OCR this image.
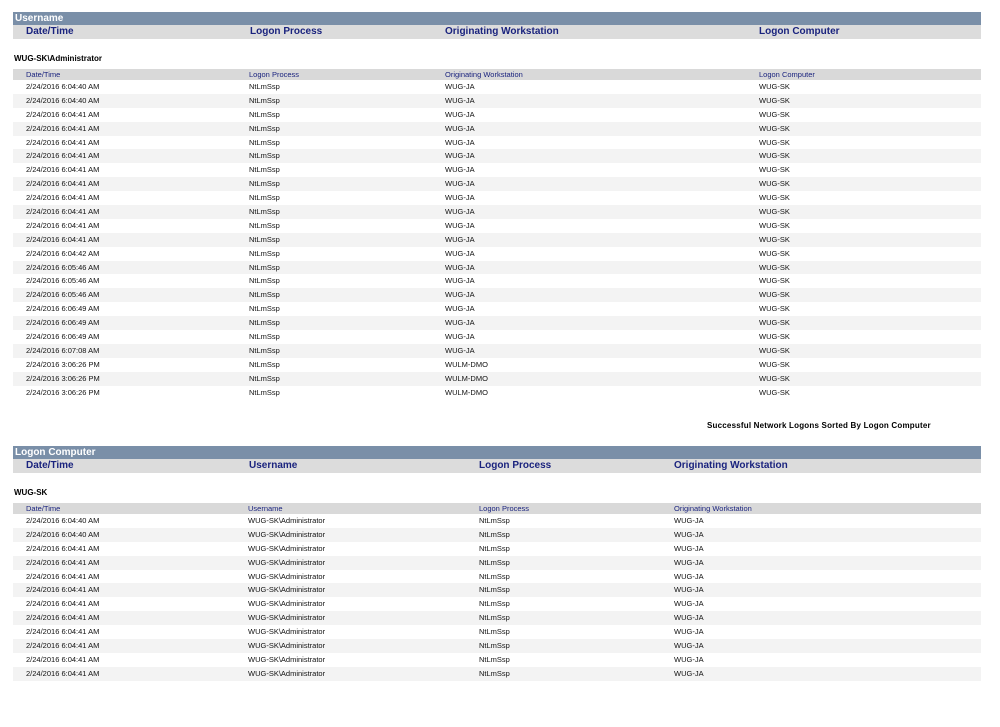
Username
Date/Time	Logon Process	Originating Workstation	Logon Computer
WUG-SK\Administrator
Date/Time	Logon Process	Originating Workstation	Logon Computer
2/24/2016 6:04:40 AM	NtLmSsp	WUG-JA	WUG-SK
2/24/2016 6:04:40 AM	NtLmSsp	WUG-JA	WUG-SK
2/24/2016 6:04:41 AM	NtLmSsp	WUG-JA	WUG-SK
2/24/2016 6:04:41 AM	NtLmSsp	WUG-JA	WUG-SK
2/24/2016 6:04:41 AM	NtLmSsp	WUG-JA	WUG-SK
2/24/2016 6:04:41 AM	NtLmSsp	WUG-JA	WUG-SK
2/24/2016 6:04:41 AM	NtLmSsp	WUG-JA	WUG-SK
2/24/2016 6:04:41 AM	NtLmSsp	WUG-JA	WUG-SK
2/24/2016 6:04:41 AM	NtLmSsp	WUG-JA	WUG-SK
2/24/2016 6:04:41 AM	NtLmSsp	WUG-JA	WUG-SK
2/24/2016 6:04:41 AM	NtLmSsp	WUG-JA	WUG-SK
2/24/2016 6:04:41 AM	NtLmSsp	WUG-JA	WUG-SK
2/24/2016 6:04:42 AM	NtLmSsp	WUG-JA	WUG-SK
2/24/2016 6:05:46 AM	NtLmSsp	WUG-JA	WUG-SK
2/24/2016 6:05:46 AM	NtLmSsp	WUG-JA	WUG-SK
2/24/2016 6:05:46 AM	NtLmSsp	WUG-JA	WUG-SK
2/24/2016 6:06:49 AM	NtLmSsp	WUG-JA	WUG-SK
2/24/2016 6:06:49 AM	NtLmSsp	WUG-JA	WUG-SK
2/24/2016 6:06:49 AM	NtLmSsp	WUG-JA	WUG-SK
2/24/2016 6:07:08 AM	NtLmSsp	WUG-JA	WUG-SK
2/24/2016 3:06:26 PM	NtLmSsp	WULM-DMO	WUG-SK
2/24/2016 3:06:26 PM	NtLmSsp	WULM-DMO	WUG-SK
2/24/2016 3:06:26 PM	NtLmSsp	WULM-DMO	WUG-SK
Successful Network Logons Sorted By Logon Computer
Logon Computer
Date/Time	Username	Logon Process	Originating Workstation
WUG-SK
Date/Time	Username	Logon Process	Originating Workstation
2/24/2016 6:04:40 AM	WUG-SK\Administrator	NtLmSsp	WUG-JA
2/24/2016 6:04:40 AM	WUG-SK\Administrator	NtLmSsp	WUG-JA
2/24/2016 6:04:41 AM	WUG-SK\Administrator	NtLmSsp	WUG-JA
2/24/2016 6:04:41 AM	WUG-SK\Administrator	NtLmSsp	WUG-JA
2/24/2016 6:04:41 AM	WUG-SK\Administrator	NtLmSsp	WUG-JA
2/24/2016 6:04:41 AM	WUG-SK\Administrator	NtLmSsp	WUG-JA
2/24/2016 6:04:41 AM	WUG-SK\Administrator	NtLmSsp	WUG-JA
2/24/2016 6:04:41 AM	WUG-SK\Administrator	NtLmSsp	WUG-JA
2/24/2016 6:04:41 AM	WUG-SK\Administrator	NtLmSsp	WUG-JA
2/24/2016 6:04:41 AM	WUG-SK\Administrator	NtLmSsp	WUG-JA
2/24/2016 6:04:41 AM	WUG-SK\Administrator	NtLmSsp	WUG-JA
2/24/2016 6:04:41 AM	WUG-SK\Administrator	NtLmSsp	WUG-JA
